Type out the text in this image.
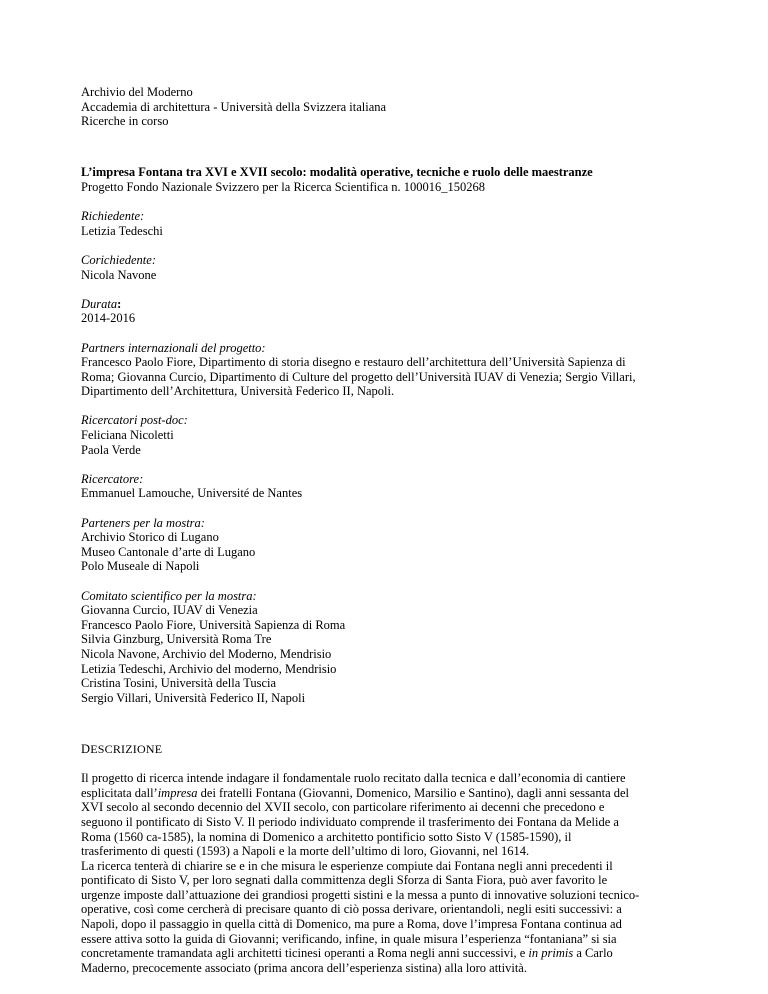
Archivio del Moderno

Accademia di architettura - Università della Svizzera italiana

Ricerche in corso

L’impresa Fontana tra XVI e XVII secolo: modalità operative, tecniche e ruolo delle maestranze

Progetto Fondo Nazionale Svizzero per la Ricerca Scientifica n. 100016_150268

Richiedente:

Letizia Tedeschi

Corichiedente:

Nicola Navone

Durata:

2014-2016

Partners internazionali del progetto:

Francesco Paolo Fiore, Dipartimento di storia disegno e restauro dell’architettura dell’Università Sapienza di

Roma; Giovanna Curcio, Dipartimento di Culture del progetto dell’Università IUAV di Venezia; Sergio Villari,

Dipartimento dell’Architettura, Università Federico II, Napoli.

Ricercatori post-doc:

Feliciana Nicoletti

Paola Verde

Ricercatore:

Emmanuel Lamouche, Université de Nantes

Parteners per la mostra:

Archivio Storico di Lugano

Museo Cantonale d’arte di Lugano

Polo Museale di Napoli

Comitato scientifico per la mostra:

Giovanna Curcio, IUAV di Venezia

Francesco Paolo Fiore, Università Sapienza di Roma

Silvia Ginzburg, Università Roma Tre

Nicola Navone, Archivio del Moderno, Mendrisio

Letizia Tedeschi, Archivio del moderno, Mendrisio

Cristina Tosini, Università della Tuscia

Sergio Villari, Università Federico II, Napoli

DESCRIZIONE

Il progetto di ricerca intende indagare il fondamentale ruolo recitato dalla tecnica e dall’economia di cantiere

esplicitata dall’impresa dei fratelli Fontana (Giovanni, Domenico, Marsilio e Santino), dagli anni sessanta del

XVI secolo al secondo decennio del XVII secolo, con particolare riferimento ai decenni che precedono e

seguono il pontificato di Sisto V. Il periodo individuato comprende il trasferimento dei Fontana da Melide a

Roma (1560 ca-1585), la nomina di Domenico a architetto pontificio sotto Sisto V (1585-1590), il

trasferimento di questi (1593) a Napoli e la morte dell’ultimo di loro, Giovanni, nel 1614.

La ricerca tenterà di chiarire se e in che misura le esperienze compiute dai Fontana negli anni precedenti il

pontificato di Sisto V, per loro segnati dalla committenza degli Sforza di Santa Fiora, può aver favorito le

urgenze imposte dall’attuazione dei grandiosi progetti sistini e la messa a punto di innovative soluzioni tecnico-

operative, così come cercherà di precisare quanto di ciò possa derivare, orientandoli, negli esiti successivi: a

Napoli, dopo il passaggio in quella città di Domenico, ma pure a Roma, dove l’impresa Fontana continua ad

essere attiva sotto la guida di Giovanni; verificando, infine, in quale misura l’esperienza “fontaniana” si sia

concretamente tramandata agli architetti ticinesi operanti a Roma negli anni successivi, e in primis a Carlo

Maderno, precocemente associato (prima ancora dell’esperienza sistina) alla loro attività.
